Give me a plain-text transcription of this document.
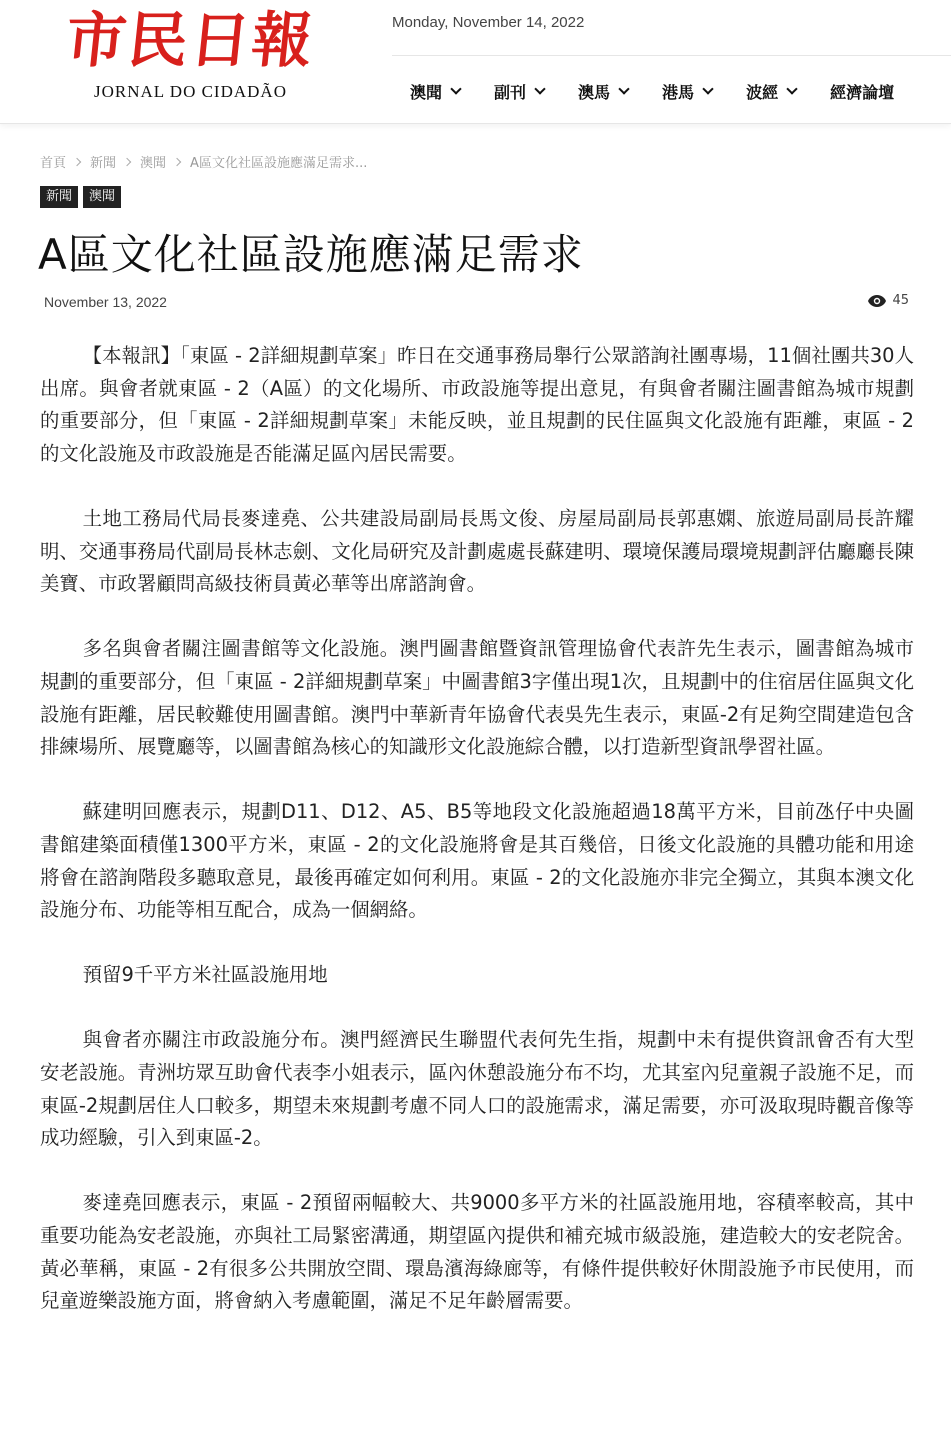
市民日報
JORNAL DO CIDADÃO
Monday, November 14, 2022
澳聞	副刊	澳馬	港馬	波經	經濟論壇
首頁 新聞 澳聞 A區文化社區設施應滿足需求...
新聞	澳聞
A區文化社區設施應滿足需求
November 13, 2022	45

【本報訊】「東區 - 2詳細規劃草案」昨日在交通事務局舉行公眾諮詢社團專場，11個社團共30人出席。與會者就東區 - 2（A區）的文化場所、市政設施等提出意見，有與會者關注圖書館為城市規劃的重要部分，但「東區 - 2詳細規劃草案」未能反映，並且規劃的民住區與文化設施有距離，東區 - 2的文化設施及市政設施是否能滿足區內居民需要。

土地工務局代局長麥達堯、公共建設局副局長馬文俊、房屋局副局長郭惠嫻、旅遊局副局長許耀明、交通事務局代副局長林志劍、文化局研究及計劃處處長蘇建明、環境保護局環境規劃評估廳廳長陳美寶、市政署顧問高級技術員黃必華等出席諮詢會。

多名與會者關注圖書館等文化設施。澳門圖書館暨資訊管理協會代表許先生表示，圖書館為城市規劃的重要部分，但「東區 - 2詳細規劃草案」中圖書館3字僅出現1次，且規劃中的住宿居住區與文化設施有距離，居民較難使用圖書館。澳門中華新青年協會代表吳先生表示，東區-2有足夠空間建造包含排練場所、展覽廳等，以圖書館為核心的知識形文化設施綜合體，以打造新型資訊學習社區。

蘇建明回應表示，規劃D11、D12、A5、B5等地段文化設施超過18萬平方米，目前氹仔中央圖書館建築面積僅1300平方米，東區 - 2的文化設施將會是其百幾倍，日後文化設施的具體功能和用途將會在諮詢階段多聽取意見，最後再確定如何利用。東區 - 2的文化設施亦非完全獨立，其與本澳文化設施分布、功能等相互配合，成為一個網絡。

預留9千平方米社區設施用地

與會者亦關注市政設施分布。澳門經濟民生聯盟代表何先生指，規劃中未有提供資訊會否有大型安老設施。青洲坊眾互助會代表李小姐表示，區內休憩設施分布不均，尤其室內兒童親子設施不足，而東區-2規劃居住人口較多，期望未來規劃考慮不同人口的設施需求，滿足需要，亦可汲取現時觀音像等成功經驗，引入到東區-2。

麥達堯回應表示，東區 - 2預留兩幅較大、共9000多平方米的社區設施用地，容積率較高，其中重要功能為安老設施，亦與社工局緊密溝通，期望區內提供和補充城市級設施，建造較大的安老院舍。黃必華稱，東區 - 2有很多公共開放空間、環島濱海綠廊等，有條件提供較好休閒設施予市民使用，而兒童遊樂設施方面，將會納入考慮範圍，滿足不足年齡層需要。
